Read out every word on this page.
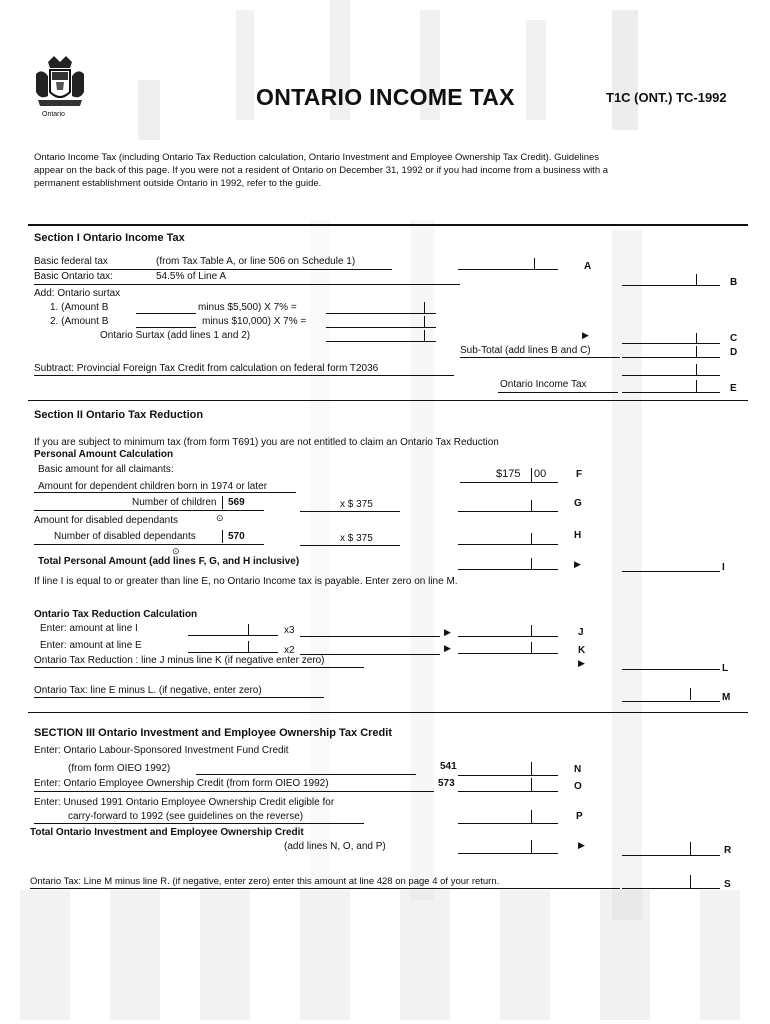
Ontario
ONTARIO INCOME TAX	T1C (ONT.) TC-1992
Ontario Income Tax (including Ontario Tax Reduction calculation, Ontario Investment and Employee Ownership Tax Credit). Guidelines
appear on the back of this page. If you were not a resident of Ontario on December 31, 1992 or if you had income from a business with a
permanent establishment outside Ontario in 1992, refer to the guide.
Section I Ontario Income Tax
Basic federal tax	(from Tax Table A, or line 506 on Schedule 1)	A
Basic Ontario tax:	54.5% of Line A
B
Add: Ontario surtax
1. (Amount B	minus $5,500) X 7% =
2. (Amount B	minus $10,000) X 7% =
Ontario Surtax (add lines 1 and 2)	▶	C
Sub-Total (add lines B and C)	D
Subtract: Provincial Foreign Tax Credit from calculation on federal form T2036
Ontario Income Tax	E
Section II Ontario Tax Reduction
If you are subject to minimum tax (from form T691) you are not entitled to claim an Ontario Tax Reduction
Personal Amount Calculation
Basic amount for all claimants:	$175 00	F
Amount for dependent children born in 1974 or later
Number of children 569	x $ 375	G
Amount for disabled dependants	⊙
Number of disabled dependants	570	x $ 375	H
⊙
Total Personal Amount (add lines F, G, and H inclusive)	▶	I
If line I is equal to or greater than line E, no Ontario Income tax is payable. Enter zero on line M.
Ontario Tax Reduction Calculation
Enter: amount at line I	x3	▶	J
Enter: amount at line E	x2	▶	K
Ontario Tax Reduction : line J minus line K (if negative enter zero)	▶	L
Ontario Tax: line E minus L. (if negative, enter zero)
M
SECTION III Ontario Investment and Employee Ownership Tax Credit
Enter: Ontario Labour-Sponsored Investment Fund Credit
(from form OIEO 1992)	541	N
Enter: Ontario Employee Ownership Credit (from form OIEO 1992)	573	O
Enter: Unused 1991 Ontario Employee Ownership Credit eligible for
carry-forward to 1992 (see guidelines on the reverse)	P
Total Ontario Investment and Employee Ownership Credit
(add lines N, O, and P)	▶	R
Ontario Tax: Line M minus line R. (if negative, enter zero) enter this amount at line 428 on page 4 of your return.	S
